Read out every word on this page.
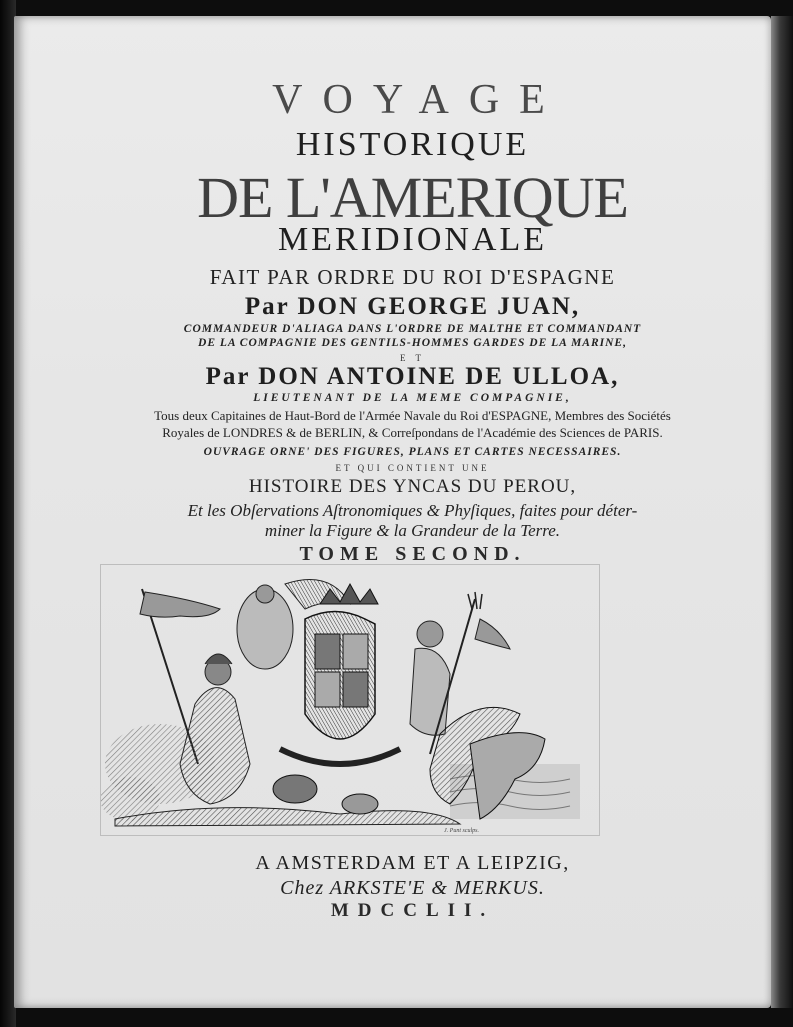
VOYAGE
HISTORIQUE
DE L'AMERIQUE
MERIDIONALE
FAIT PAR ORDRE DU ROI D'ESPAGNE
Par DON GEORGE JUAN,
COMMANDEUR D'ALIAGA DANS L'ORDRE DE MALTHE ET COMMANDANT
DE LA COMPAGNIE DES GENTILS-HOMMES GARDES DE LA MARINE,
E T
Par DON ANTOINE DE ULLOA,
LIEUTENANT DE LA MEME COMPAGNIE,
Tous deux Capitaines de Haut-Bord de l'Armée Navale du Roi d'ESPAGNE, Membres des Sociétés
Royales de LONDRES & de BERLIN, & Correſpondans de l'Académie des Sciences de PARIS.
OUVRAGE ORNE' DES FIGURES, PLANS ET CARTES NECESSAIRES.
ET QUI CONTIENT UNE
HISTOIRE DES YNCAS DU PEROU,
Et les Obſervations Aſtronomiques & Phyſiques, faites pour déter-
miner la Figure & la Grandeur de la Terre.
TOME SECOND.
J. Punt sculps.
A AMSTERDAM ET A LEIPZIG,
Chez ARKSTE'E & MERKUS.
MDCCLII.
